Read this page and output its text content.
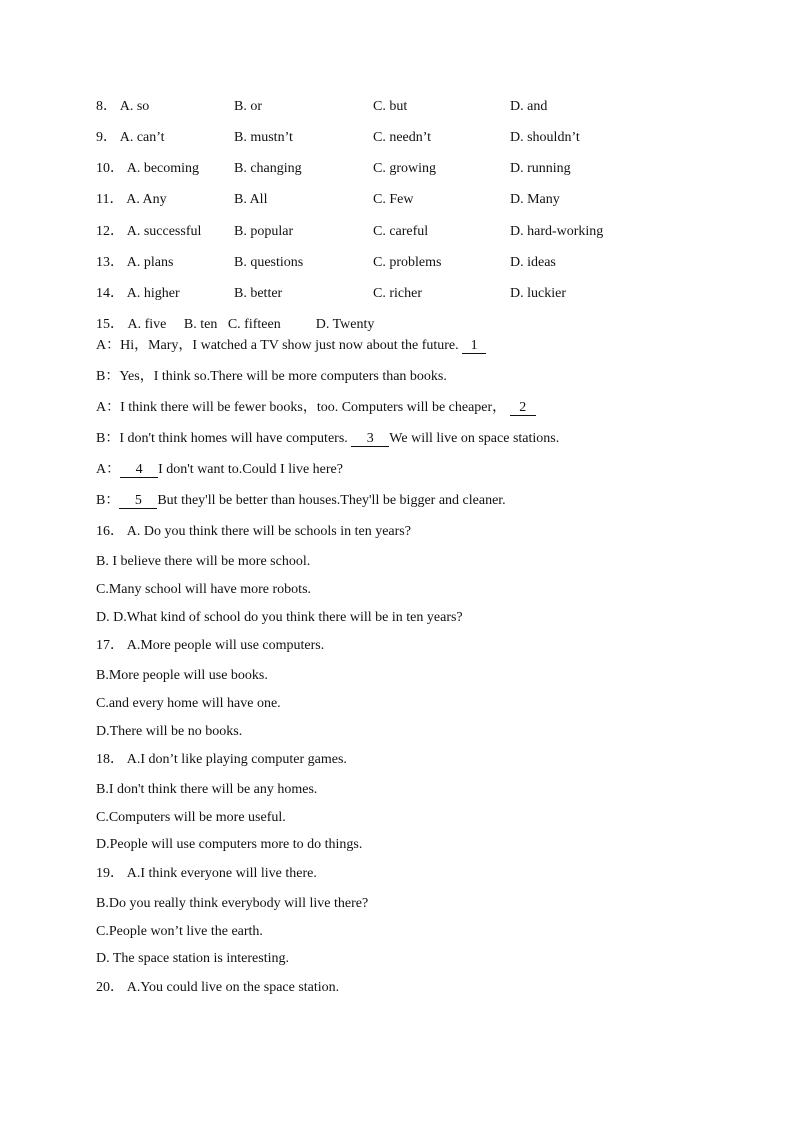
8． A. so	B. or	C. but	D. and
9． A. can’t	B. mustn’t	C. needn’t	D. shouldn’t
10． A. becoming B. changing	C. growing	D. running
11． A. Any	B. All	C. Few	D. Many
12． A. successful B. popular	C. careful	D. hard-working
13． A. plans	B. questions	C. problems	D. ideas
14． A. higher	B. better	C. richer	D. luckier
15． A. five B. ten C. fifteen	D. Twenty
A：Hi，Mary，I watched a TV show just now about the future. 1
B：Yes，I think so.There will be more computers than books.
A：I think there will be fewer books，too. Computers will be cheaper， 2
B：I don't think homes will have computers. 3 We will live on space stations.
A： 4 I don't want to.Could I live here?
B： 5 But they'll be better than houses.They'll be bigger and cleaner.
16． A. Do you think there will be schools in ten years?
B. I believe there will be more school.
C.Many school will have more robots.
D. D.What kind of school do you think there will be in ten years?
17． A.More people will use computers.
B.More people will use books.
C.and every home will have one.
D.There will be no books.
18． A.I don’t like playing computer games.
B.I don't think there will be any homes.
C.Computers will be more useful.
D.People will use computers more to do things.
19． A.I think everyone will live there.
B.Do you really think everybody will live there?
C.People won’t live the earth.
D. The space station is interesting.
20． A.You could live on the space station.
